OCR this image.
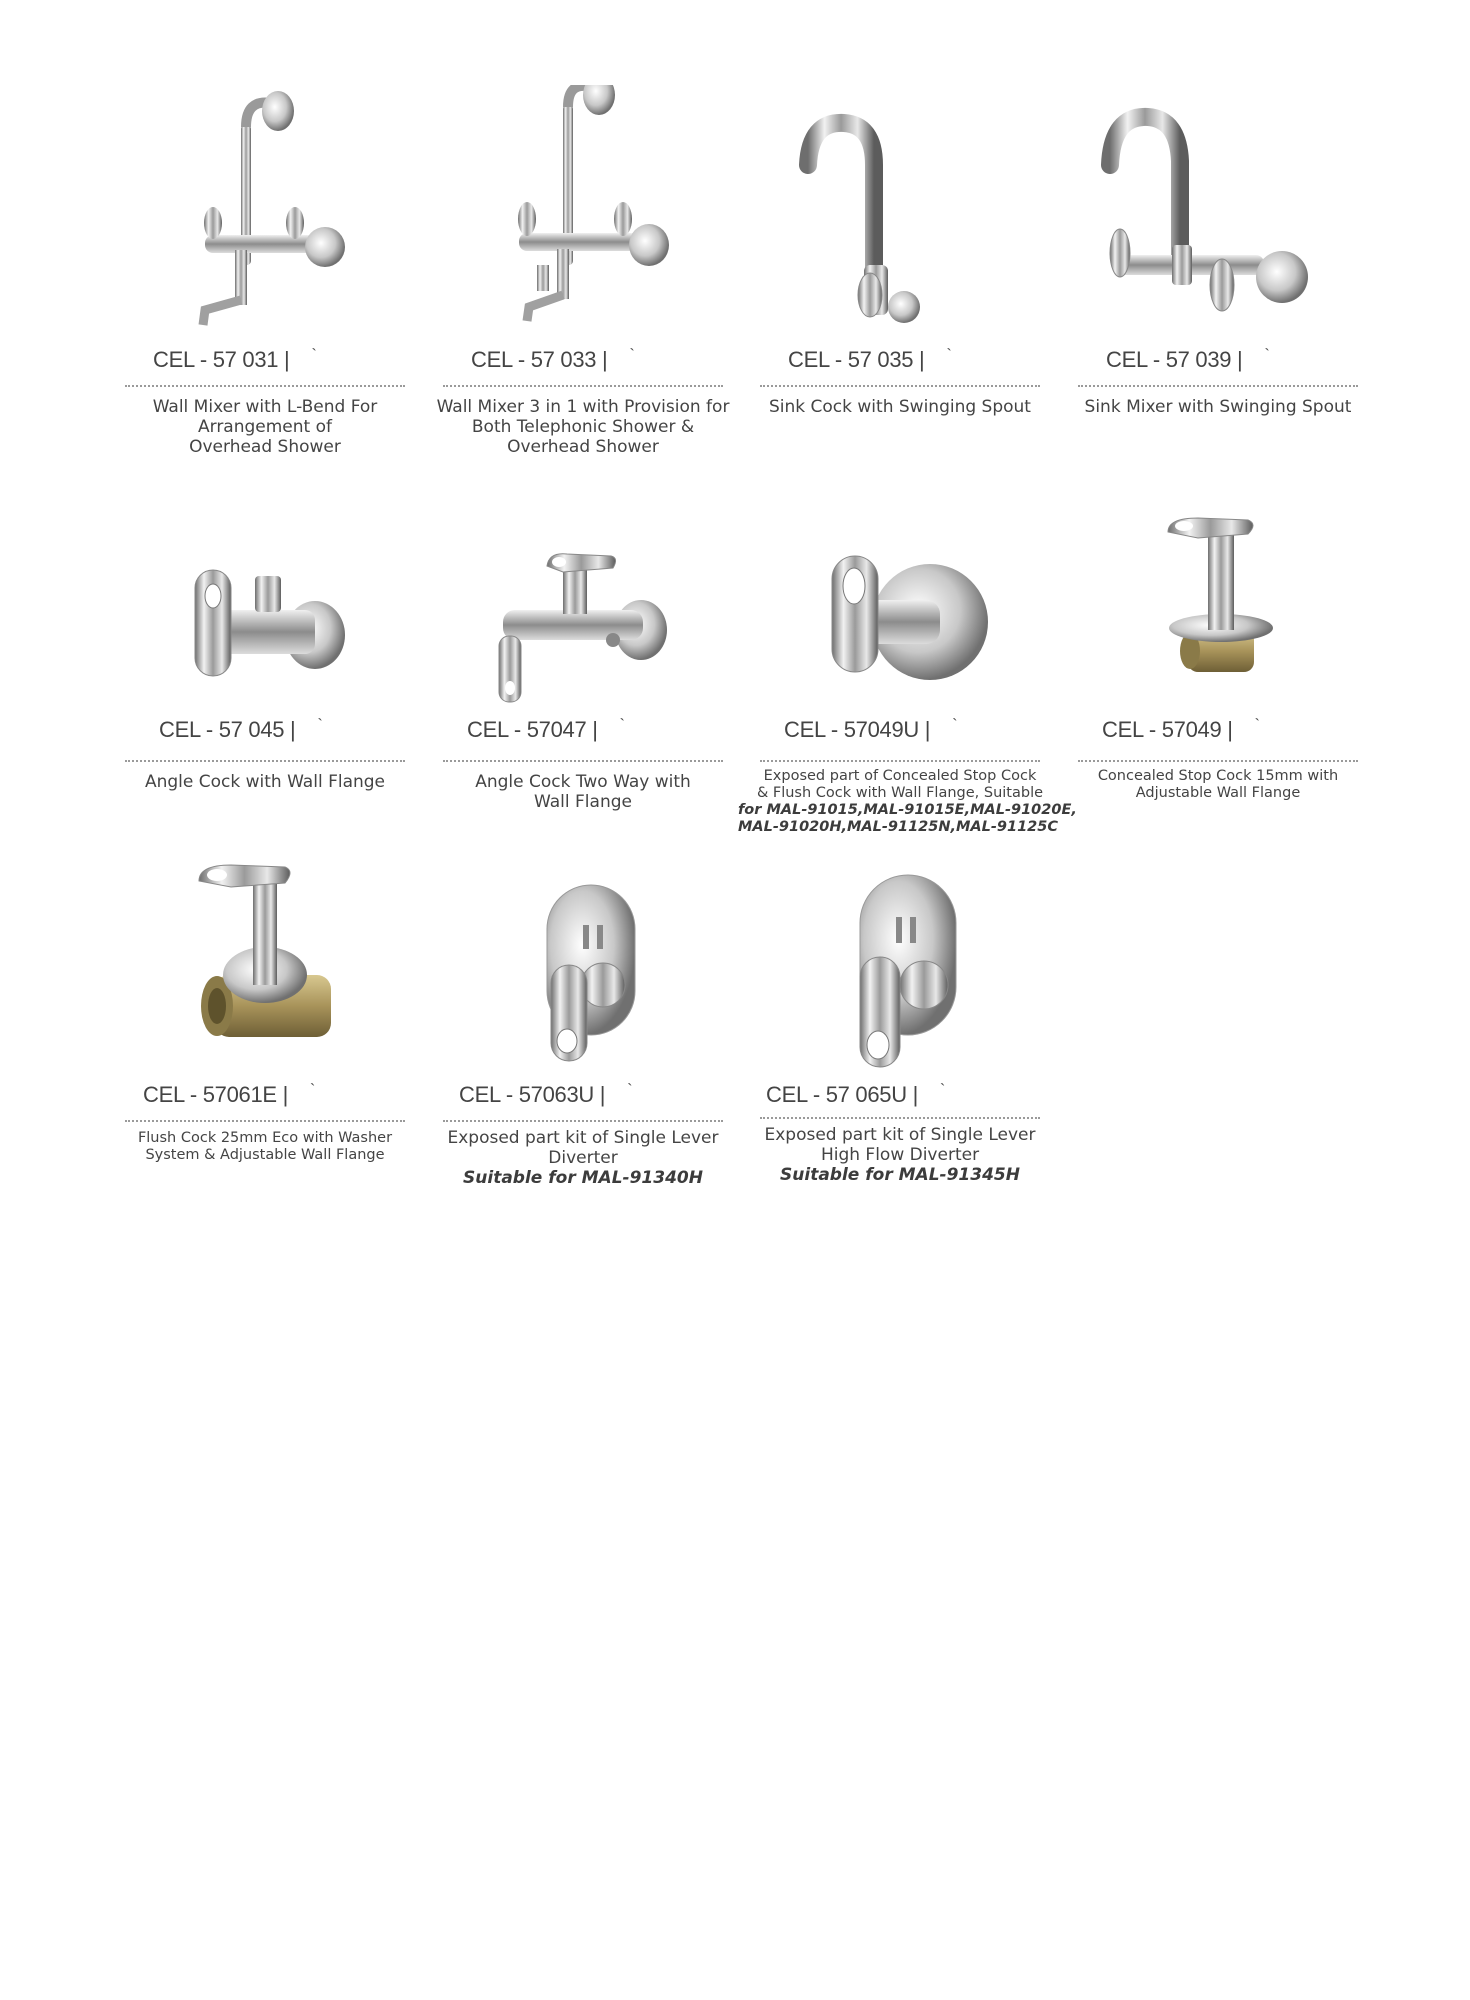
CEL - 57 031 | `
Wall Mixer with L-Bend For
Arrangement of
Overhead Shower
CEL - 57 033 | `
Wall Mixer 3 in 1 with Provision for
Both Telephonic Shower &
Overhead Shower
CEL - 57 035 | `
Sink Cock with Swinging Spout
CEL - 57 039 | `
Sink Mixer with Swinging Spout
CEL - 57 045 | `
Angle Cock with Wall Flange
CEL - 57047 | `
Angle Cock Two Way with
Wall Flange
CEL - 57049U | `
Exposed part of Concealed Stop Cock
& Flush Cock with Wall Flange, Suitable
for MAL-91015,MAL-91015E,MAL-91020E,
MAL-91020H,MAL-91125N,MAL-91125C
CEL - 57049 | `
Concealed Stop Cock 15mm with
Adjustable Wall Flange
CEL - 57061E | `
Flush Cock 25mm Eco with Washer
System & Adjustable Wall Flange
CEL - 57063U | `
Exposed part kit of Single Lever
Diverter
Suitable for MAL-91340H
CEL - 57 065U | `
Exposed part kit of Single Lever
High Flow Diverter
Suitable for MAL-91345H
